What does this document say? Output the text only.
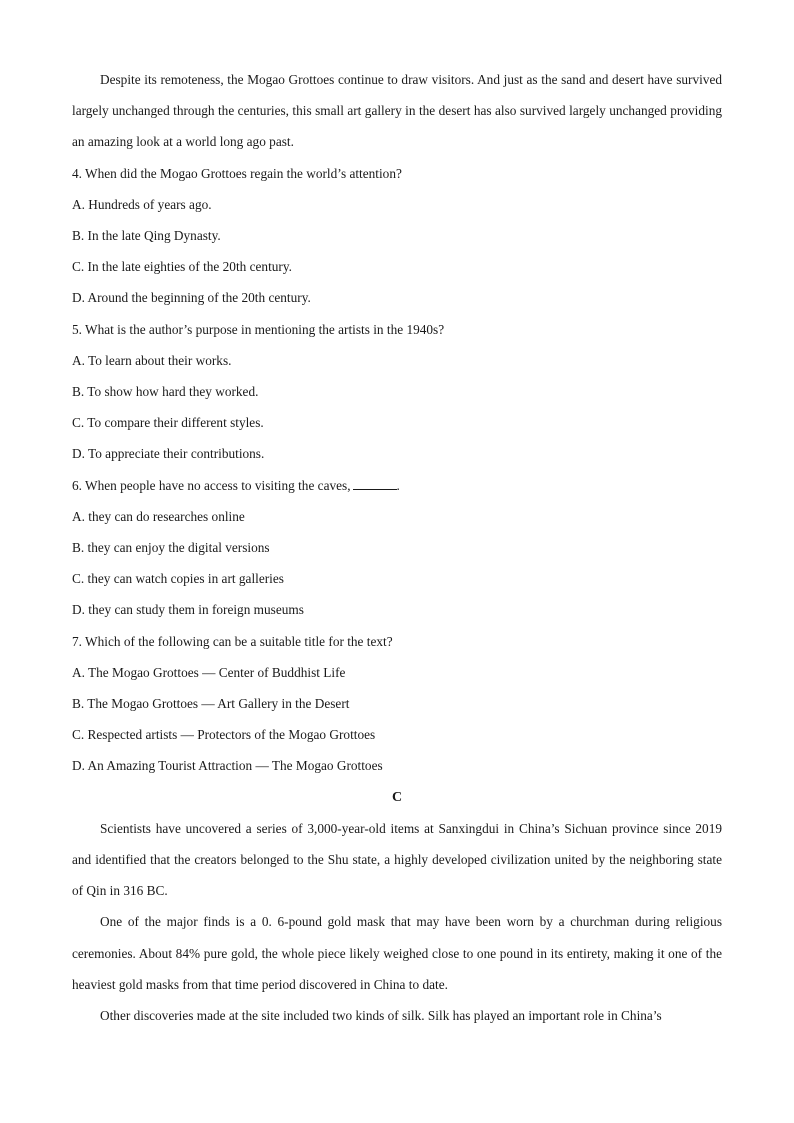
Despite its remoteness, the Mogao Grottoes continue to draw visitors. And just as the sand and desert have survived largely unchanged through the centuries, this small art gallery in the desert has also survived largely unchanged providing an amazing look at a world long ago past.

4. When did the Mogao Grottoes regain the world’s attention?

A. Hundreds of years ago.

B. In the late Qing Dynasty.

C. In the late eighties of the 20th century.

D. Around the beginning of the 20th century.

5. What is the author’s purpose in mentioning the artists in the 1940s?

A. To learn about their works.

B. To show how hard they worked.

C. To compare their different styles.

D. To appreciate their contributions.

6. When people have no access to visiting the caves,	.

A. they can do researches online

B. they can enjoy the digital versions

C. they can watch copies in art galleries

D. they can study them in foreign museums

7. Which of the following can be a suitable title for the text?

A. The Mogao Grottoes — Center of Buddhist Life

B. The Mogao Grottoes — Art Gallery in the Desert

C. Respected artists — Protectors of the Mogao Grottoes

D. An Amazing Tourist Attraction — The Mogao Grottoes

C

Scientists have uncovered a series of 3,000-year-old items at Sanxingdui in China’s Sichuan province since 2019 and identified that the creators belonged to the Shu state, a highly developed civilization united by the neighboring state of Qin in 316 BC.

One of the major finds is a 0. 6-pound gold mask that may have been worn by a churchman during religious ceremonies. About 84% pure gold, the whole piece likely weighed close to one pound in its entirety, making it one of the heaviest gold masks from that time period discovered in China to date.

Other discoveries made at the site included two kinds of silk. Silk has played an important role in China’s
